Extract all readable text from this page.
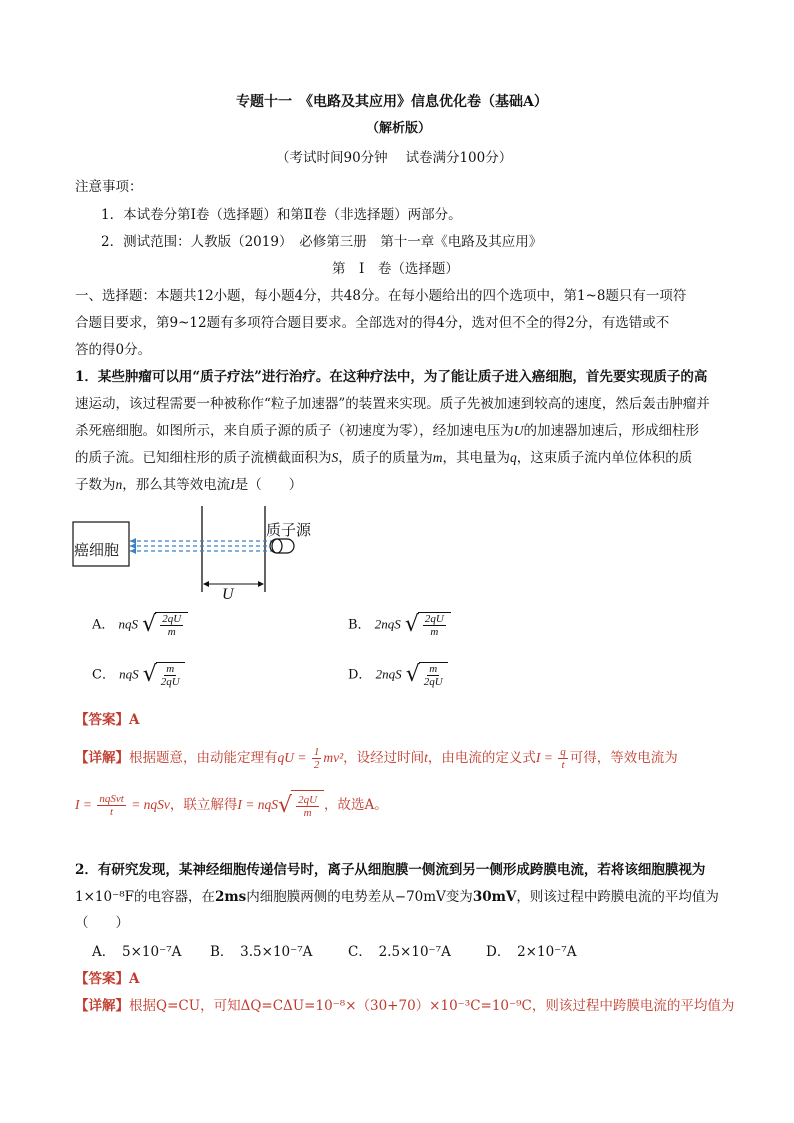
专题十一　《电路及其应用》信息优化卷（基础A）
（解析版）
（考试时间90分钟　 试卷满分100分）
注意事项：
1．本试卷分第Ⅰ卷（选择题）和第Ⅱ卷（非选择题）两部分。
2．测试范围：人教版（2019）　必修第三册　第十一章《电路及其应用》
第　Ⅰ　卷（选择题）
一、选择题：本题共12小题，每小题4分，共48分。在每小题给出的四个选项中，第1~8题只有一项符
合题目要求，第9~12题有多项符合题目要求。全部选对的得4分，选对但不全的得2分，有选错或不
答的得0分。
1．某些肿瘤可以用“质子疗法”进行治疗。在这种疗法中，为了能让质子进入癌细胞，首先要实现质子的高
速运动，该过程需要一种被称作“粒子加速器”的装置来实现。质子先被加速到较高的速度，然后轰击肿瘤并
杀死癌细胞。如图所示，来自质子源的质子（初速度为零），经加速电压为U的加速器加速后，形成细柱形
的质子流。已知细柱形的质子流横截面积为S，质子的质量为m，其电量为q，这束质子流内单位体积的质
子数为n，那么其等效电流I是（　　）
癌细胞
质子源
U
A． nqS √ $\frac{2qU}{m}$	B． 2nqS √ $\frac{2qU}{m}$
C． nqS √ $\frac{m}{2qU}$	D． 2nqS √ $\frac{m}{2qU}$
【答案】A
【详解】根据题意，由动能定理有qU = $\frac{1}{2} mv^2$，设经过时间t，由电流的定义式$I = \frac{q}{t}$ 可得，等效电流为
$I = \frac{\text{nqSvt}}{t}$ = nqSv，联立解得I = nqS √ $\frac{2qU}{m}$ ，故选A。
2．有研究发现，某神经细胞传递信号时，离子从细胞膜一侧流到另一侧形成跨膜电流，若将该细胞膜视为
1×10⁻⁸F的电容器，在2ms内细胞膜两侧的电势差从−70mV变为30mV，则该过程中跨膜电流的平均值为
（　　）
A．　5×10⁻⁷A B．　3.5×10⁻⁷A	C．　2.5×10⁻⁷A	D．　2×10⁻⁷A
【答案】A
【详解】根据Q=CU，可知ΔQ=CΔU=10⁻⁸×（30+70）×10⁻³C=10⁻⁹C，则该过程中跨膜电流的平均值为
